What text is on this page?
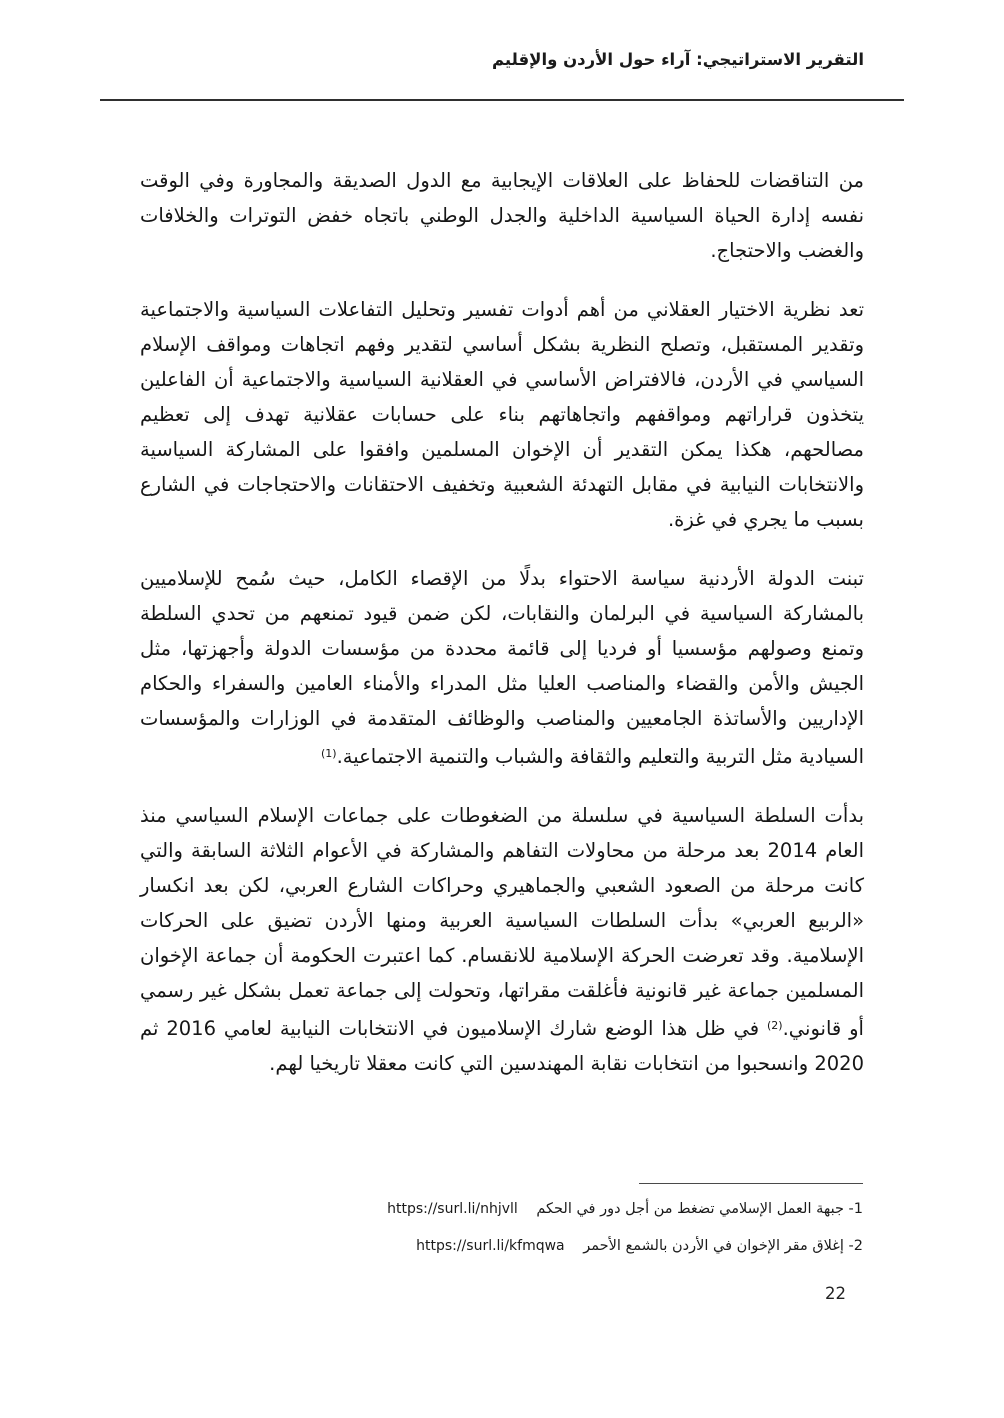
التقرير الاستراتيجي: آراء حول الأردن والإقليم

من التناقضات للحفاظ على العلاقات الإيجابية مع الدول الصديقة والمجاورة وفي الوقت نفسه إدارة الحياة السياسية الداخلية والجدل الوطني باتجاه خفض التوترات والخلافات والغضب والاحتجاج.

تعد نظرية الاختيار العقلاني من أهم أدوات تفسير وتحليل التفاعلات السياسية والاجتماعية وتقدير المستقبل، وتصلح النظرية بشكل أساسي لتقدير وفهم اتجاهات ومواقف الإسلام السياسي في الأردن، فالافتراض الأساسي في العقلانية السياسية والاجتماعية أن الفاعلين يتخذون قراراتهم ومواقفهم واتجاهاتهم بناء على حسابات عقلانية تهدف إلى تعظيم مصالحهم، هكذا يمكن التقدير أن الإخوان المسلمين وافقوا على المشاركة السياسية والانتخابات النيابية في مقابل التهدئة الشعبية وتخفيف الاحتقانات والاحتجاجات في الشارع بسبب ما يجري في غزة.

تبنت الدولة الأردنية سياسة الاحتواء بدلًا من الإقصاء الكامل، حيث سُمح للإسلاميين بالمشاركة السياسية في البرلمان والنقابات، لكن ضمن قيود تمنعهم من تحدي السلطة وتمنع وصولهم مؤسسيا أو فرديا إلى قائمة محددة من مؤسسات الدولة وأجهزتها، مثل الجيش والأمن والقضاء والمناصب العليا مثل المدراء والأمناء العامين والسفراء والحكام الإداريين والأساتذة الجامعيين والمناصب والوظائف المتقدمة في الوزارات والمؤسسات السيادية مثل التربية والتعليم والثقافة والشباب والتنمية الاجتماعية.$^{(1)}$

بدأت السلطة السياسية في سلسلة من الضغوطات على جماعات الإسلام السياسي منذ العام 2014 بعد مرحلة من محاولات التفاهم والمشاركة في الأعوام الثلاثة السابقة والتي كانت مرحلة من الصعود الشعبي والجماهيري وحراكات الشارع العربي، لكن بعد انكسار «الربيع العربي» بدأت السلطات السياسية العربية ومنها الأردن تضيق على الحركات الإسلامية. وقد تعرضت الحركة الإسلامية للانقسام. كما اعتبرت الحكومة أن جماعة الإخوان المسلمين جماعة غير قانونية فأغلقت مقراتها، وتحولت إلى جماعة تعمل بشكل غير رسمي أو قانوني.$^{(2)}$ في ظل هذا الوضع شارك الإسلاميون في الانتخابات النيابية لعامي 2016 ثم 2020 وانسحبوا من انتخابات نقابة المهندسين التي كانت معقلا تاريخيا لهم.

1- جبهة العمل الإسلامي تضغط من أجل دور في الحكم https://surl.li/nhjvll
2- إغلاق مقر الإخوان في الأردن بالشمع الأحمر https://surl.li/kfmqwa
22
